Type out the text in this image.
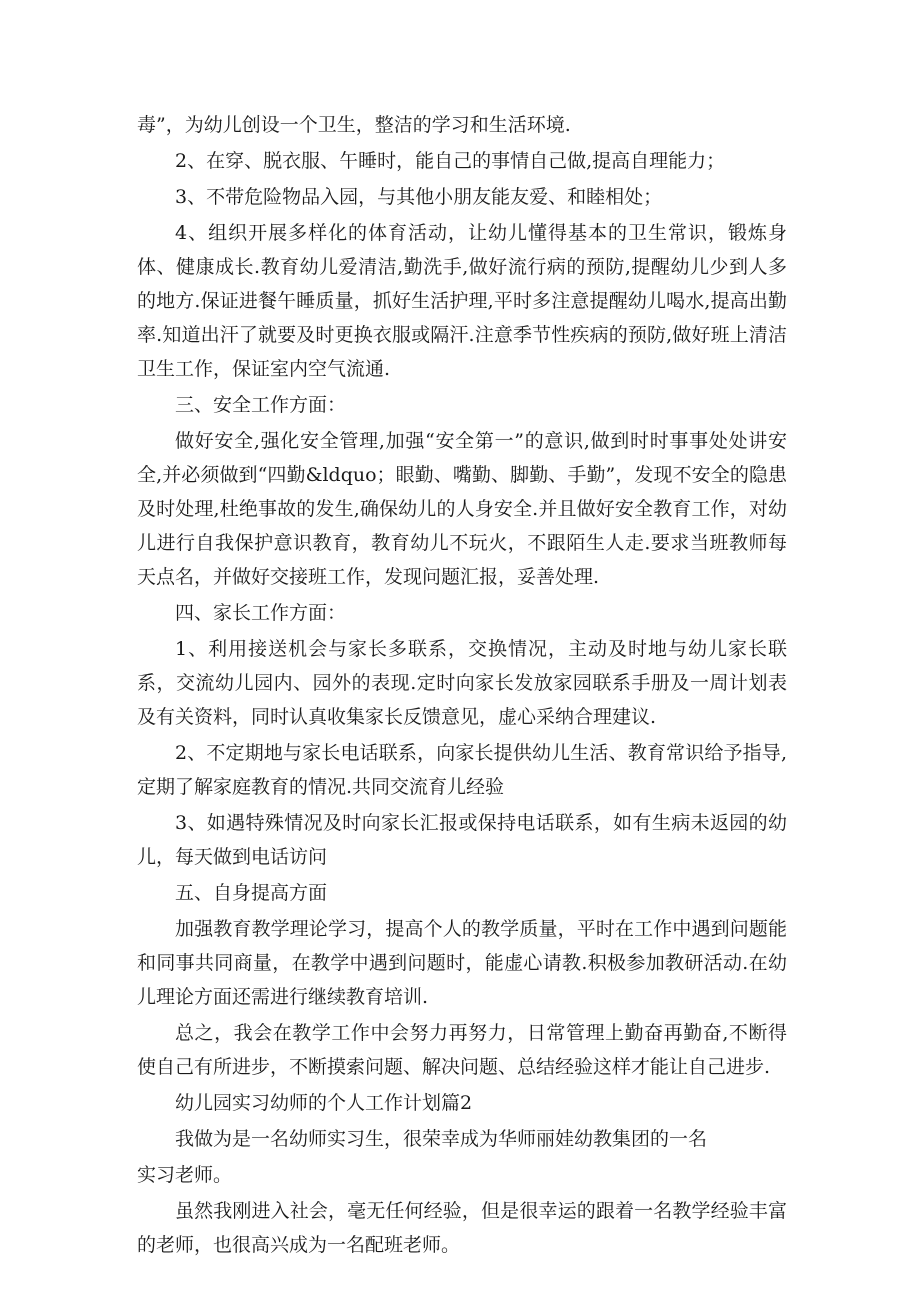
毒”，为幼儿创设一个卫生，整洁的学习和生活环境.

2、在穿、脱衣服、午睡时，能自己的事情自己做,提高自理能力；

3、不带危险物品入园，与其他小朋友能友爱、和睦相处；

4、组织开展多样化的体育活动，让幼儿懂得基本的卫生常识，锻炼身体、健康成长.教育幼儿爱清洁,勤洗手,做好流行病的预防,提醒幼儿少到人多的地方.保证进餐午睡质量，抓好生活护理,平时多注意提醒幼儿喝水,提高出勤率.知道出汗了就要及时更换衣服或隔汗.注意季节性疾病的预防,做好班上清洁卫生工作，保证室内空气流通.

三、安全工作方面：

做好安全,强化安全管理,加强“安全第一”的意识,做到时时事事处处讲安全,并必须做到“四勤&ldquo；眼勤、嘴勤、脚勤、手勤”，发现不安全的隐患及时处理,杜绝事故的发生,确保幼儿的人身安全.并且做好安全教育工作，对幼儿进行自我保护意识教育，教育幼儿不玩火，不跟陌生人走.要求当班教师每天点名，并做好交接班工作，发现问题汇报，妥善处理.

四、家长工作方面：

1、利用接送机会与家长多联系，交换情况，主动及时地与幼儿家长联系，交流幼儿园内、园外的表现.定时向家长发放家园联系手册及一周计划表及有关资料，同时认真收集家长反馈意见，虚心采纳合理建议.

2、不定期地与家长电话联系，向家长提供幼儿生活、教育常识给予指导,定期了解家庭教育的情况.共同交流育儿经验

3、如遇特殊情况及时向家长汇报或保持电话联系，如有生病未返园的幼儿，每天做到电话访问

五、自身提高方面

加强教育教学理论学习，提高个人的教学质量，平时在工作中遇到问题能和同事共同商量，在教学中遇到问题时，能虚心请教.积极参加教研活动.在幼儿理论方面还需进行继续教育培训.

总之，我会在教学工作中会努力再努力，日常管理上勤奋再勤奋,不断得使自己有所进步，不断摸索问题、解决问题、总结经验这样才能让自己进步.

幼儿园实习幼师的个人工作计划篇2

我做为是一名幼师实习生，很荣幸成为华师丽娃幼教集团的一名

实习老师。

虽然我刚进入社会，毫无任何经验，但是很幸运的跟着一名教学经验丰富的老师，也很高兴成为一名配班老师。
